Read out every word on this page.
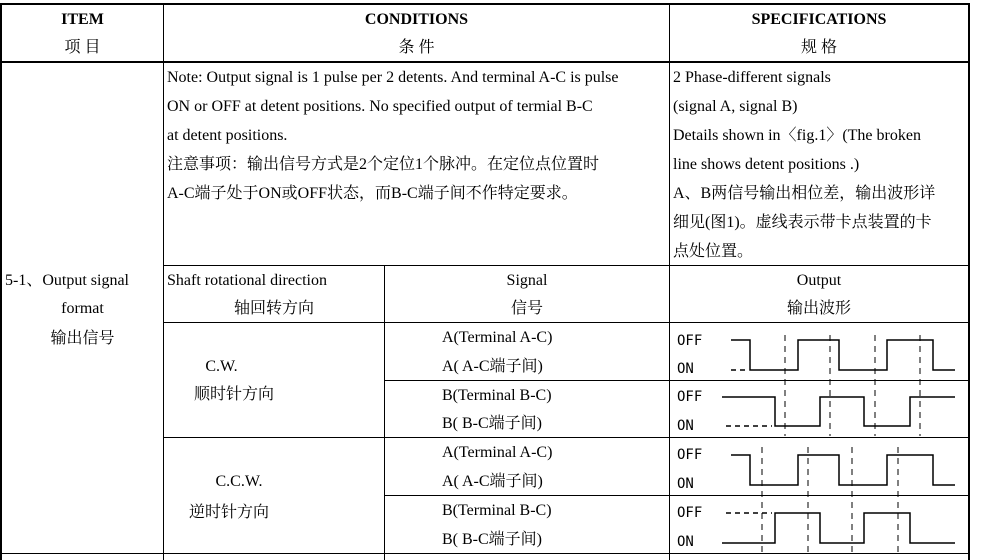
ITEM
项 目
CONDITIONS
条 件
SPECIFICATIONS
规 格
5-1、Output signal
format
输出信号
Note: Output signal is 1 pulse per 2 detents. And terminal A-C is pulse
ON or OFF at detent positions. No specified output of termial B-C
at detent positions.
注意事项：输出信号方式是2个定位1个脉冲。在定位点位置时
A-C端子处于ON或OFF状态，而B-C端子间不作特定要求。
2 Phase-different signals
(signal A, signal B)
Details shown in〈fig.1〉(The broken
line shows detent positions .)
A、B两信号输出相位差，输出波形详
细见(图1)。虚线表示带卡点装置的卡
点处位置。
Shaft rotational direction
轴回转方向
Signal
信号
Output
输出波形
C.W.
顺时针方向
A(Terminal A-C)
A( A-C端子间)
B(Terminal B-C)
B( B-C端子间)
C.C.W.
逆时针方向
A(Terminal A-C)
A( A-C端子间)
B(Terminal B-C)
B( B-C端子间)
OFF
ON
OFF
ON
OFF
ON
OFF
ON
